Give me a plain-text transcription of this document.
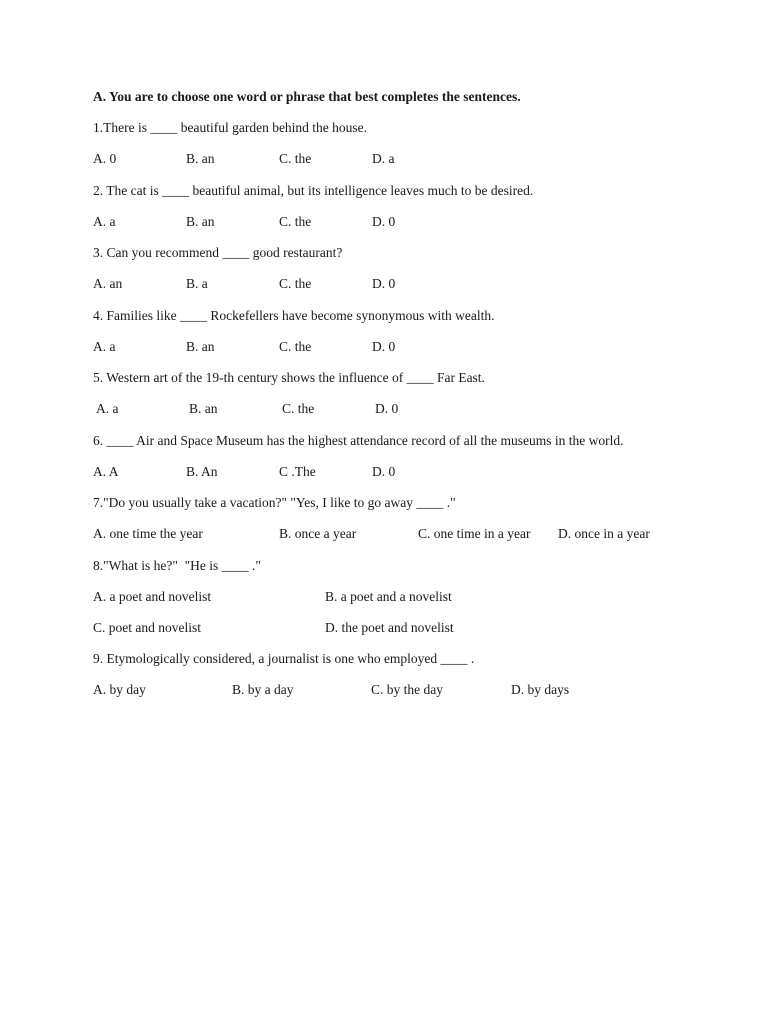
A. You are to choose one word or phrase that best completes the sentences.
1.There is ____ beautiful garden behind the house.
A. 0	B. an	C. the	D. a
2. The cat is ____ beautiful animal, but its intelligence leaves much to be desired.
A. a	B. an	C. the	D. 0
3. Can you recommend ____ good restaurant?
A. an	B. a	C. the	D. 0
4. Families like ____ Rockefellers have become synonymous with wealth.
A. a	B. an	C. the	D. 0
5. Western art of the 19-th century shows the influence of ____ Far East.
A. a	B. an	C. the	D. 0
6. ____ Air and Space Museum has the highest attendance record of all the museums in the world.
A. A	B. An	C .The	D. 0
7."Do you usually take a vacation?" "Yes, I like to go away ____ ."
A. one time the year	B. once a year	C. one time in a year	D. once in a year
8."What is he?"  "He is ____ ."
A. a poet and novelist	B. a poet and a novelist
C. poet and novelist	D. the poet and novelist
9. Etymologically considered, a journalist is one who employed ____ .
A. by day	B. by a day	C. by the day	D. by days
